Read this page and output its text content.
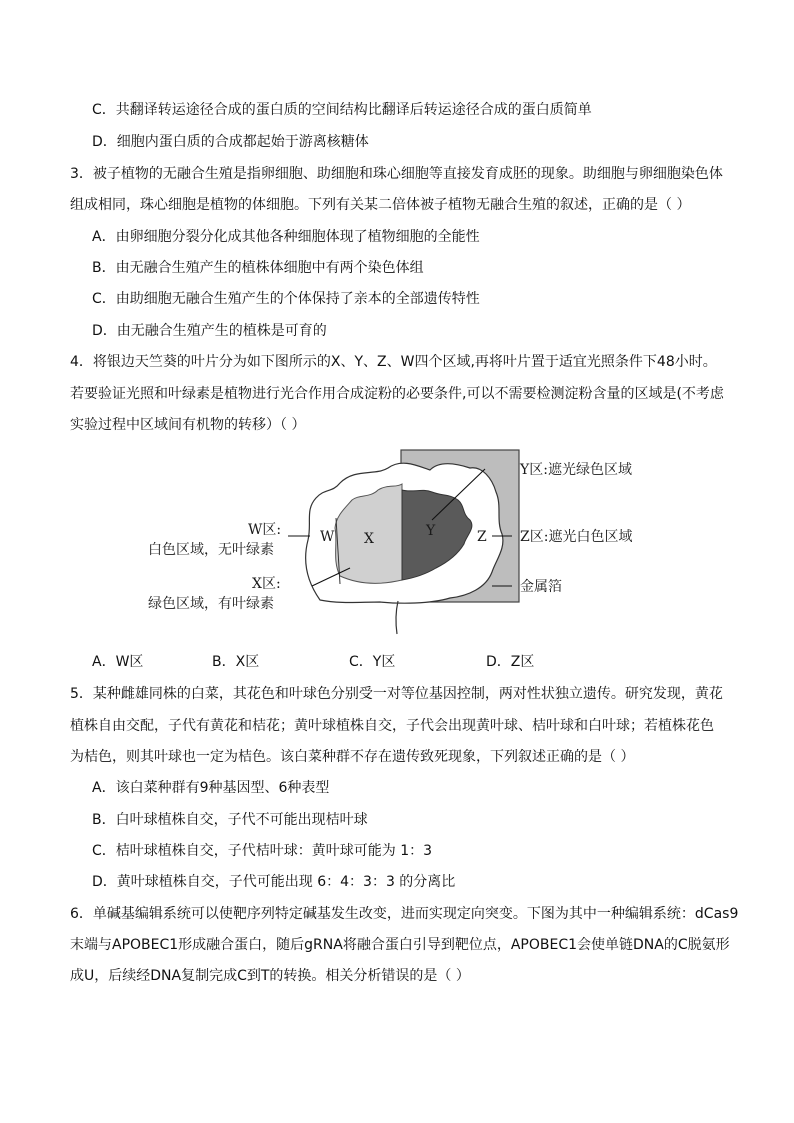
C．共翻译转运途径合成的蛋白质的空间结构比翻译后转运途径合成的蛋白质简单
D．细胞内蛋白质的合成都起始于游离核糖体
3．被子植物的无融合生殖是指卵细胞、助细胞和珠心细胞等直接发育成胚的现象。助细胞与卵细胞染色体
组成相同，珠心细胞是植物的体细胞。下列有关某二倍体被子植物无融合生殖的叙述，正确的是（ ）
A．由卵细胞分裂分化成其他各种细胞体现了植物细胞的全能性
B．由无融合生殖产生的植株体细胞中有两个染色体组
C．由助细胞无融合生殖产生的个体保持了亲本的全部遗传特性
D．由无融合生殖产生的植株是可育的
4．将银边天竺葵的叶片分为如下图所示的X、Y、Z、W四个区域,再将叶片置于适宜光照条件下48小时。
若要验证光照和叶绿素是植物进行光合作用合成淀粉的必要条件,可以不需要检测淀粉含量的区域是(不考虑
实验过程中区域间有机物的转移）（ ）
W X	Y	Z
Y区:遮光绿色区域
W区:
白色区域，无叶绿素
Z区:遮光白色区域
X区:
绿色区域，有叶绿素
金属箔
A．W区	B．X区	C．Y区	D．Z区
5．某种雌雄同株的白菜，其花色和叶球色分别受一对等位基因控制，两对性状独立遗传。研究发现，黄花
植株自由交配，子代有黄花和桔花；黄叶球植株自交，子代会出现黄叶球、桔叶球和白叶球；若植株花色
为桔色，则其叶球也一定为桔色。该白菜种群不存在遗传致死现象，下列叙述正确的是（ ）
A．该白菜种群有9种基因型、6种表型
B．白叶球植株自交，子代不可能出现桔叶球
C．桔叶球植株自交，子代桔叶球：黄叶球可能为 1：3
D．黄叶球植株自交，子代可能出现 6：4：3：3 的分离比
6．单碱基编辑系统可以使靶序列特定碱基发生改变，进而实现定向突变。下图为其中一种编辑系统：dCas9
末端与APOBEC1形成融合蛋白，随后gRNA将融合蛋白引导到靶位点，APOBEC1会使单链DNA的C脱氨形
成U，后续经DNA复制完成C到T的转换。相关分析错误的是（ ）
